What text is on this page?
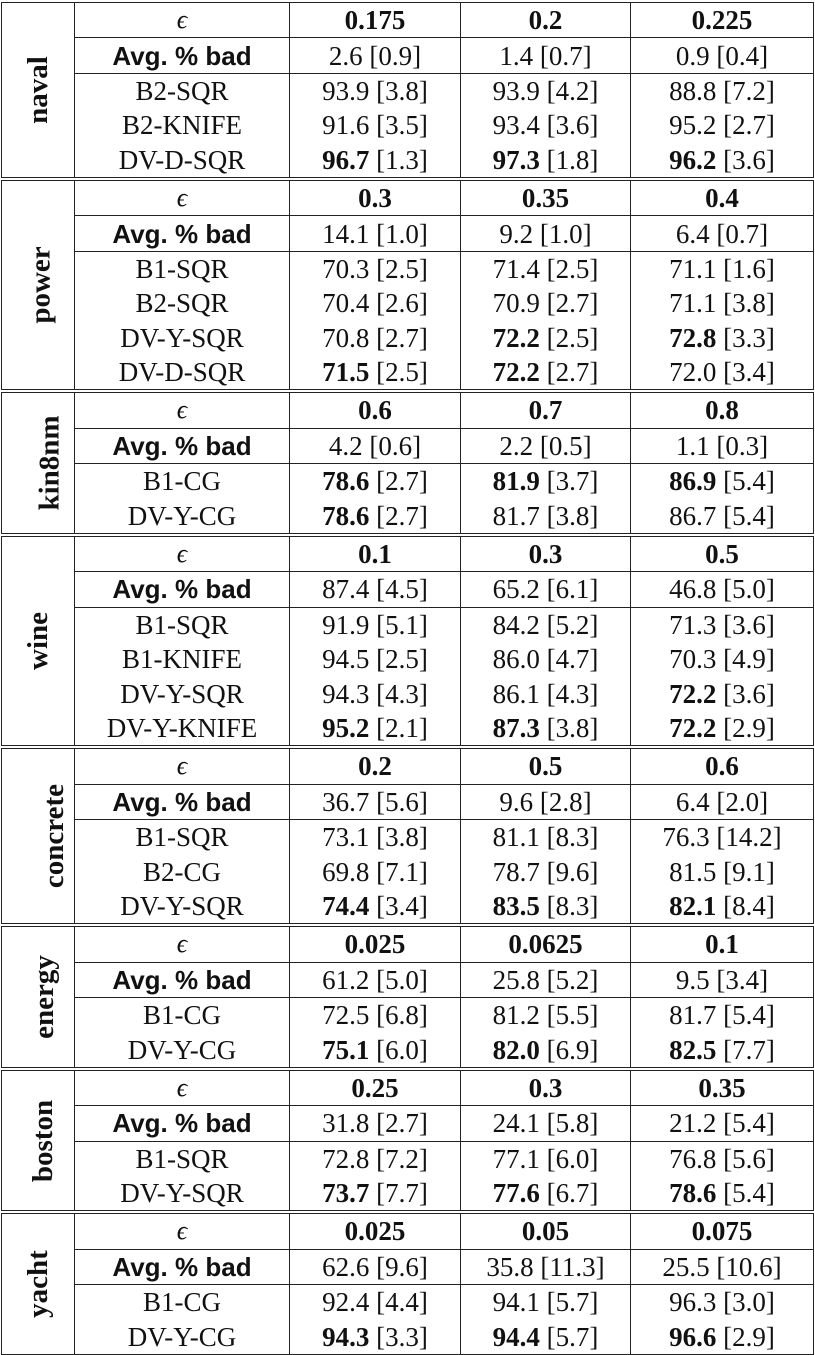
naval	ϵ	0.175	0.2	0.225
	Avg. % bad	2.6 [0.9]	1.4 [0.7]	0.9 [0.4]
	B2-SQR	93.9 [3.8]	93.9 [4.2]	88.8 [7.2]
	B2-KNIFE	91.6 [3.5]	93.4 [3.6]	95.2 [2.7]
	DV-D-SQR	96.7 [1.3]	97.3 [1.8]	96.2 [3.6]
power	ϵ	0.3	0.35	0.4
	Avg. % bad	14.1 [1.0]	9.2 [1.0]	6.4 [0.7]
	B1-SQR	70.3 [2.5]	71.4 [2.5]	71.1 [1.6]
	B2-SQR	70.4 [2.6]	70.9 [2.7]	71.1 [3.8]
	DV-Y-SQR	70.8 [2.7]	72.2 [2.5]	72.8 [3.3]
	DV-D-SQR	71.5 [2.5]	72.2 [2.7]	72.0 [3.4]
kin8nm	ϵ	0.6	0.7	0.8
	Avg. % bad	4.2 [0.6]	2.2 [0.5]	1.1 [0.3]
	B1-CG	78.6 [2.7]	81.9 [3.7]	86.9 [5.4]
	DV-Y-CG	78.6 [2.7]	81.7 [3.8]	86.7 [5.4]
wine	ϵ	0.1	0.3	0.5
	Avg. % bad	87.4 [4.5]	65.2 [6.1]	46.8 [5.0]
	B1-SQR	91.9 [5.1]	84.2 [5.2]	71.3 [3.6]
	B1-KNIFE	94.5 [2.5]	86.0 [4.7]	70.3 [4.9]
	DV-Y-SQR	94.3 [4.3]	86.1 [4.3]	72.2 [3.6]
	DV-Y-KNIFE	95.2 [2.1]	87.3 [3.8]	72.2 [2.9]
concrete	ϵ	0.2	0.5	0.6
	Avg. % bad	36.7 [5.6]	9.6 [2.8]	6.4 [2.0]
	B1-SQR	73.1 [3.8]	81.1 [8.3]	76.3 [14.2]
	B2-CG	69.8 [7.1]	78.7 [9.6]	81.5 [9.1]
	DV-Y-SQR	74.4 [3.4]	83.5 [8.3]	82.1 [8.4]
energy	ϵ	0.025	0.0625	0.1
	Avg. % bad	61.2 [5.0]	25.8 [5.2]	9.5 [3.4]
	B1-CG	72.5 [6.8]	81.2 [5.5]	81.7 [5.4]
	DV-Y-CG	75.1 [6.0]	82.0 [6.9]	82.5 [7.7]
boston	ϵ	0.25	0.3	0.35
	Avg. % bad	31.8 [2.7]	24.1 [5.8]	21.2 [5.4]
	B1-SQR	72.8 [7.2]	77.1 [6.0]	76.8 [5.6]
	DV-Y-SQR	73.7 [7.7]	77.6 [6.7]	78.6 [5.4]
yacht	ϵ	0.025	0.05	0.075
	Avg. % bad	62.6 [9.6]	35.8 [11.3]	25.5 [10.6]
	B1-CG	92.4 [4.4]	94.1 [5.7]	96.3 [3.0]
	DV-Y-CG	94.3 [3.3]	94.4 [5.7]	96.6 [2.9]
